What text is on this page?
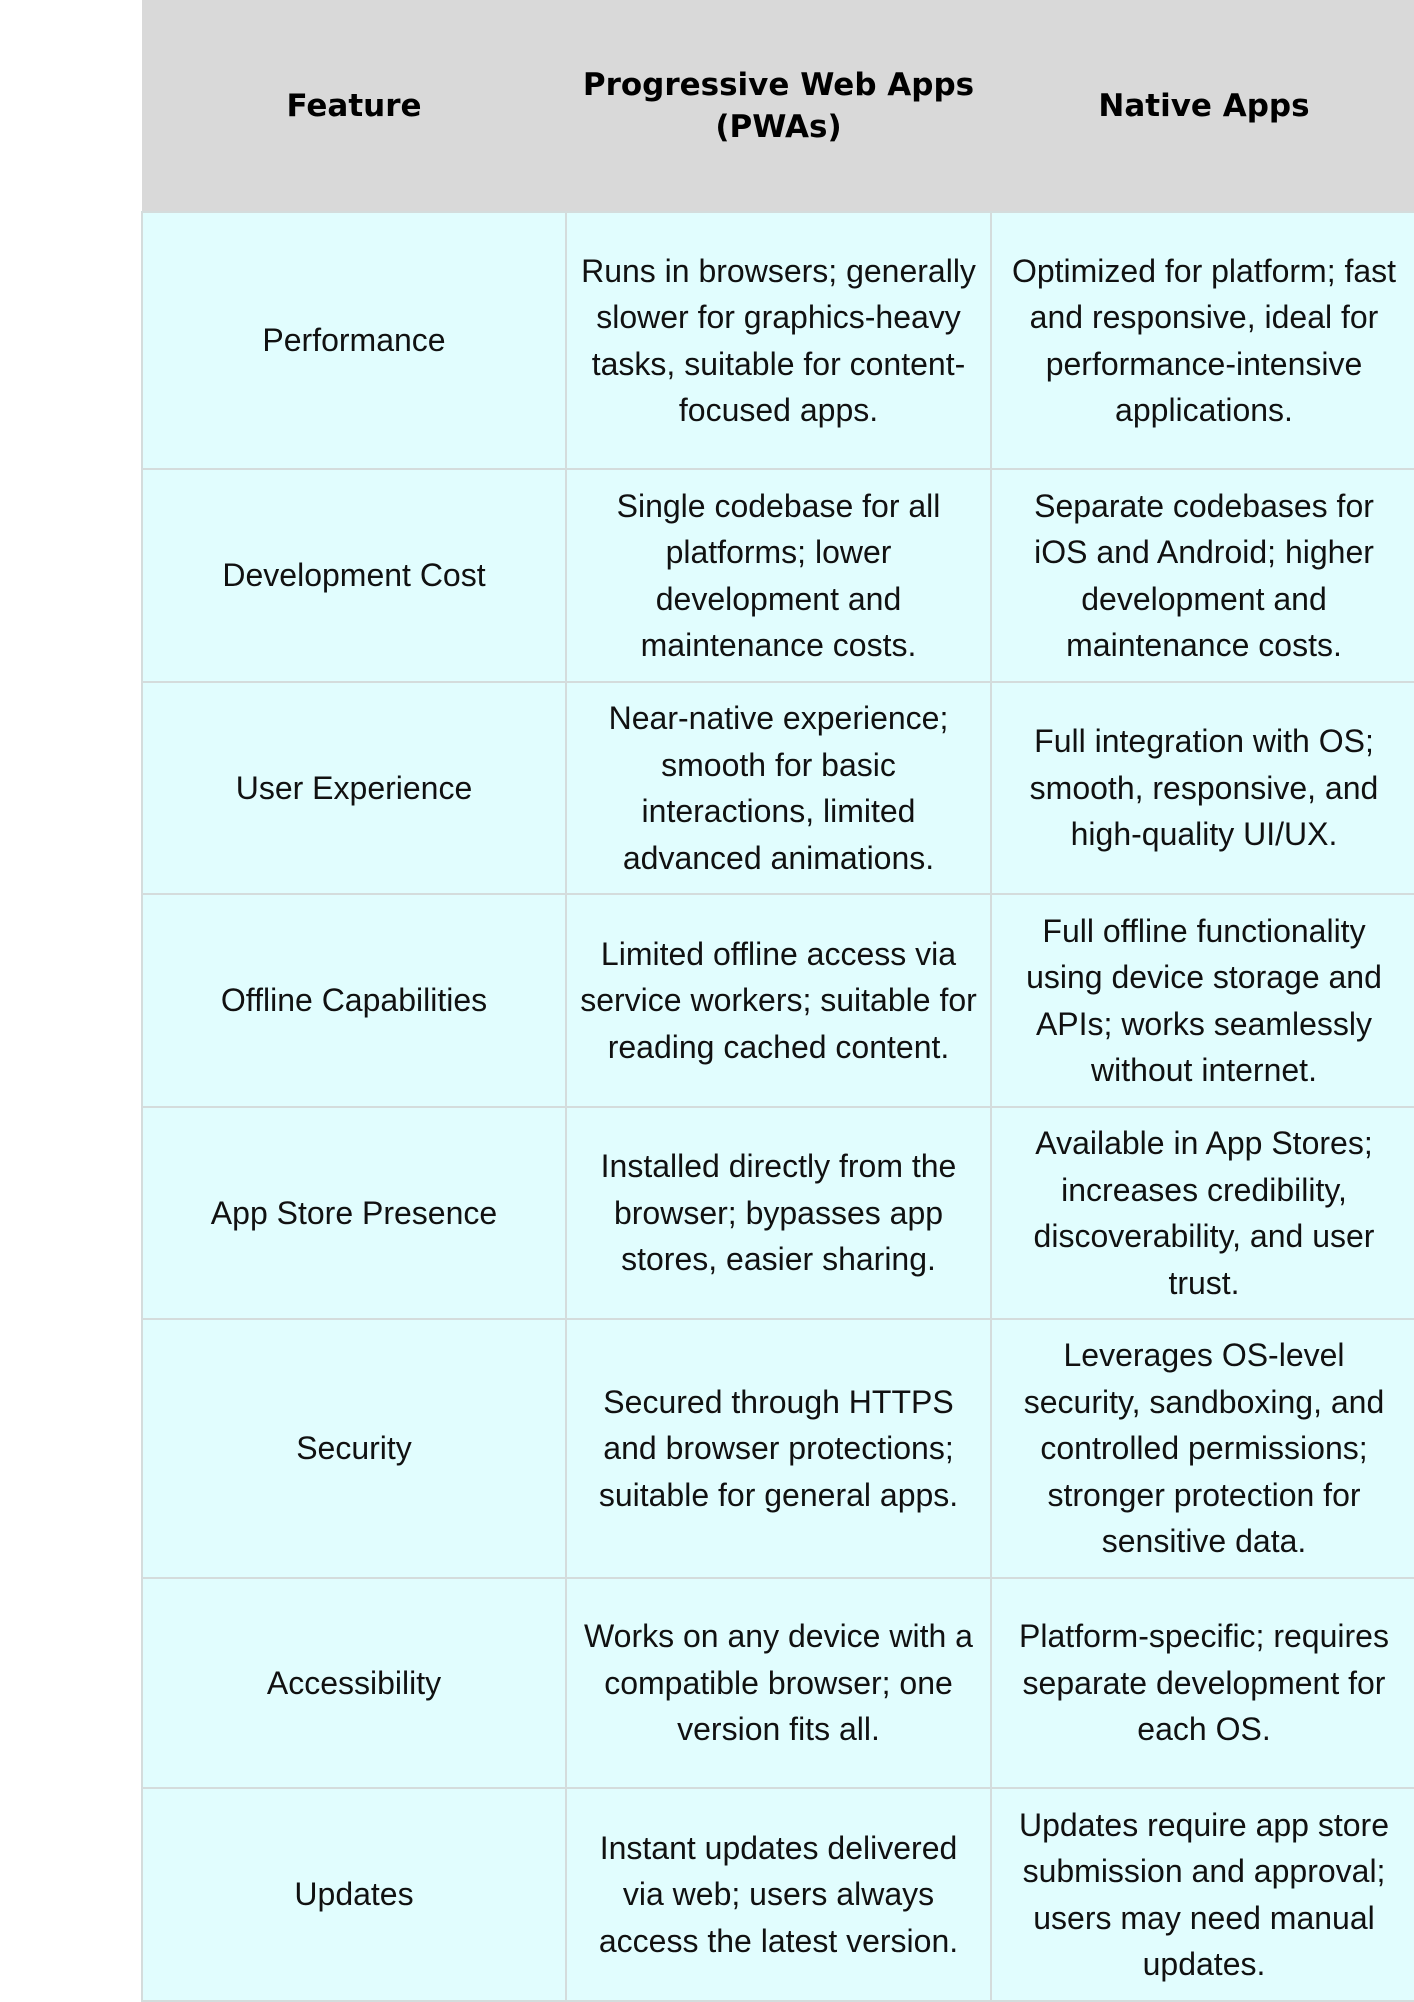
Feature	Progressive Web Apps (PWAs)	Native Apps
Performance	Runs in browsers; generally slower for graphics-heavy tasks, suitable for content-focused apps.	Optimized for platform; fast and responsive, ideal for performance-intensive applications.
Development Cost	Single codebase for all platforms; lower development and maintenance costs.	Separate codebases for iOS and Android; higher development and maintenance costs.
User Experience	Near-native experience; smooth for basic interactions, limited advanced animations.	Full integration with OS; smooth, responsive, and high-quality UI/UX.
Offline Capabilities	Limited offline access via service workers; suitable for reading cached content.	Full offline functionality using device storage and APIs; works seamlessly without internet.
App Store Presence	Installed directly from the browser; bypasses app stores, easier sharing.	Available in App Stores; increases credibility, discoverability, and user trust.
Security	Secured through HTTPS and browser protections; suitable for general apps.	Leverages OS-level security, sandboxing, and controlled permissions; stronger protection for sensitive data.
Accessibility	Works on any device with a compatible browser; one version fits all.	Platform-specific; requires separate development for each OS.
Updates	Instant updates delivered via web; users always access the latest version.	Updates require app store submission and approval; users may need manual updates.
